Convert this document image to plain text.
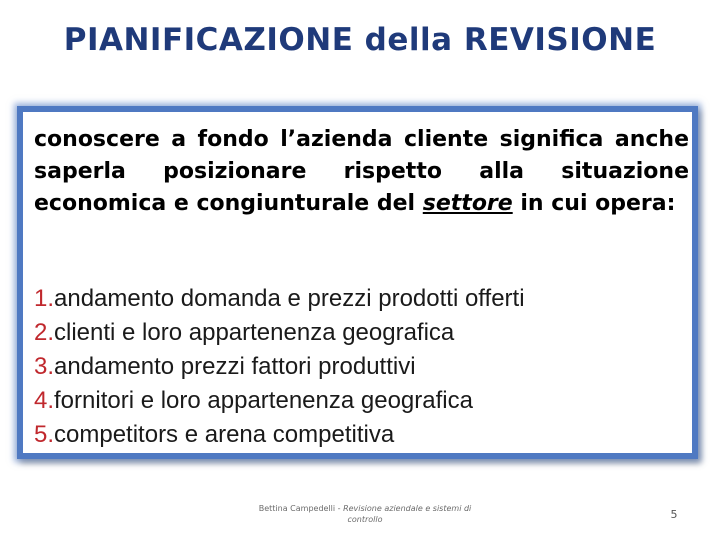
PIANIFICAZIONE della REVISIONE
conoscere a fondo l’azienda cliente significa anche saperla posizionare rispetto alla situazione economica e congiunturale del settore in cui opera:
1.andamento domanda e prezzi prodotti offerti
2.clienti e loro appartenenza geografica
3.andamento prezzi fattori produttivi
4.fornitori e loro appartenenza geografica
5.competitors e arena competitiva
Bettina Campedelli - Revisione aziendale e sistemi di controllo	5
